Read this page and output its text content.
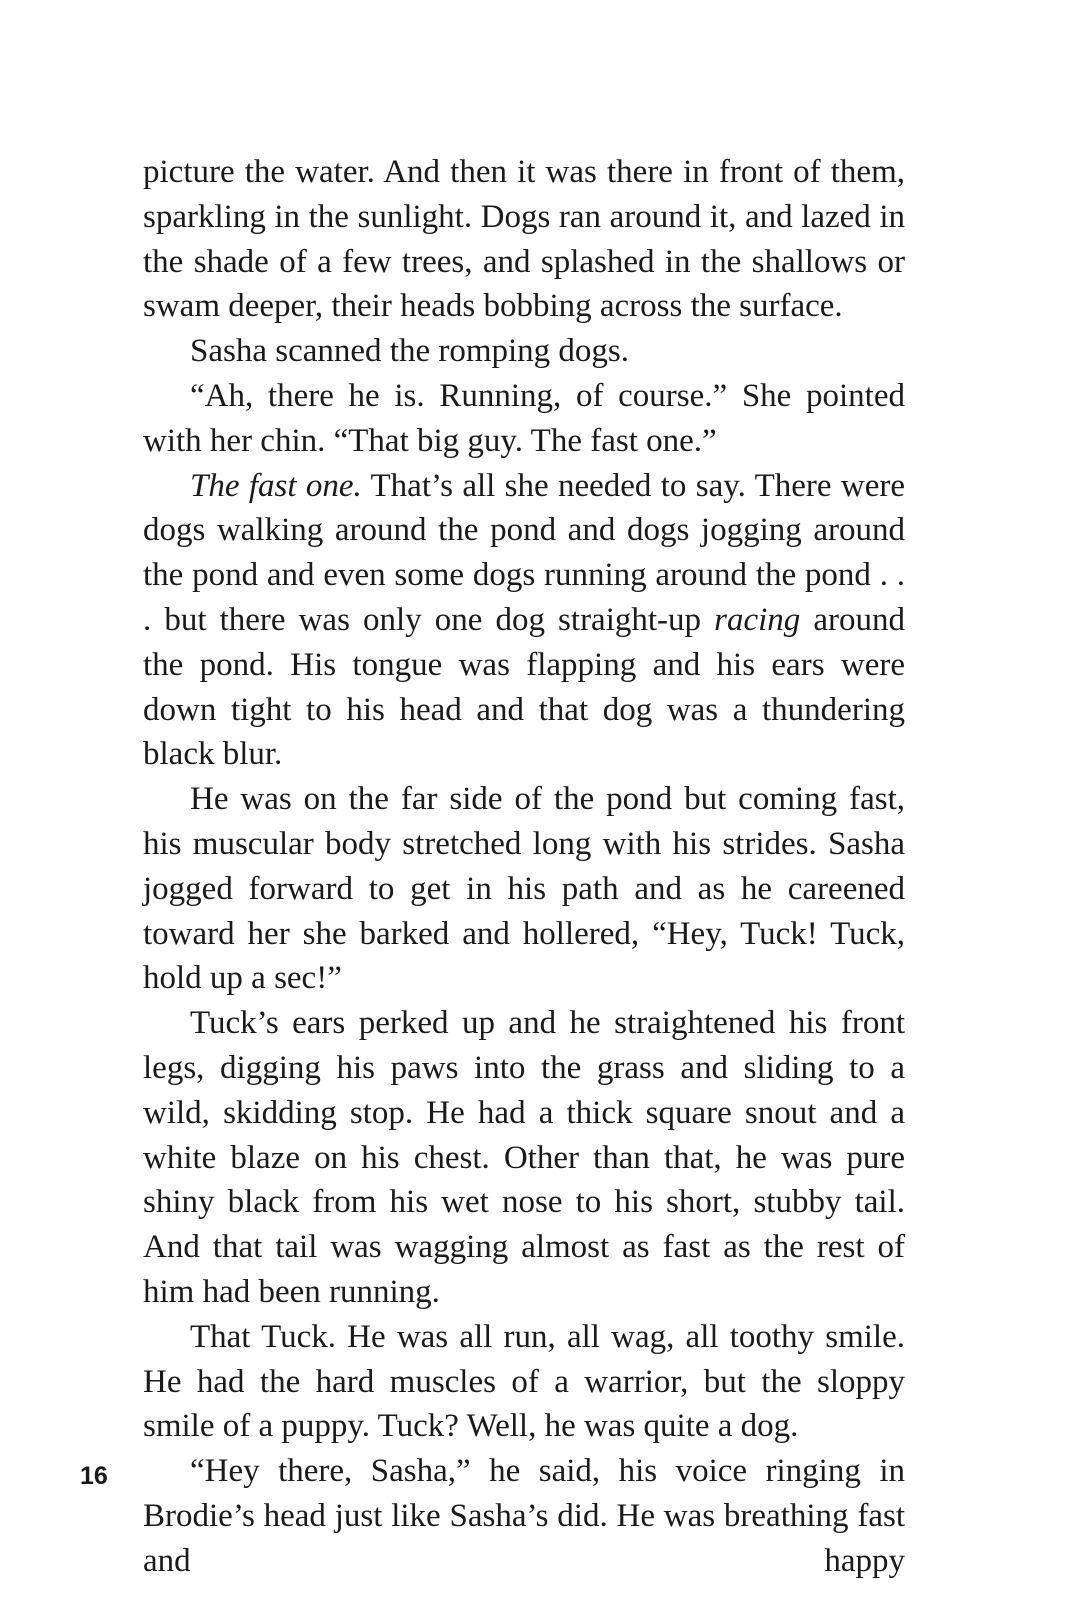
picture the water. And then it was there in front of them, sparkling in the sunlight. Dogs ran around it, and lazed in the shade of a few trees, and splashed in the shallows or swam deeper, their heads bobbing across the surface.

Sasha scanned the romping dogs.

“Ah, there he is. Running, of course.” She pointed with her chin. “That big guy. The fast one.”

The fast one. That’s all she needed to say. There were dogs walking around the pond and dogs jogging around the pond and even some dogs running around the pond . . . but there was only one dog straight-up racing around the pond. His tongue was flapping and his ears were down tight to his head and that dog was a thundering black blur.

He was on the far side of the pond but coming fast, his muscular body stretched long with his strides. Sasha jogged forward to get in his path and as he careened toward her she barked and hollered, “Hey, Tuck! Tuck, hold up a sec!”

Tuck’s ears perked up and he straightened his front legs, digging his paws into the grass and sliding to a wild, skidding stop. He had a thick square snout and a white blaze on his chest. Other than that, he was pure shiny black from his wet nose to his short, stubby tail. And that tail was wagging almost as fast as the rest of him had been running.

That Tuck. He was all run, all wag, all toothy smile. He had the hard muscles of a warrior, but the sloppy smile of a puppy. Tuck? Well, he was quite a dog.

“Hey there, Sasha,” he said, his voice ringing in Brodie’s head just like Sasha’s did. He was breathing fast and happy

16
